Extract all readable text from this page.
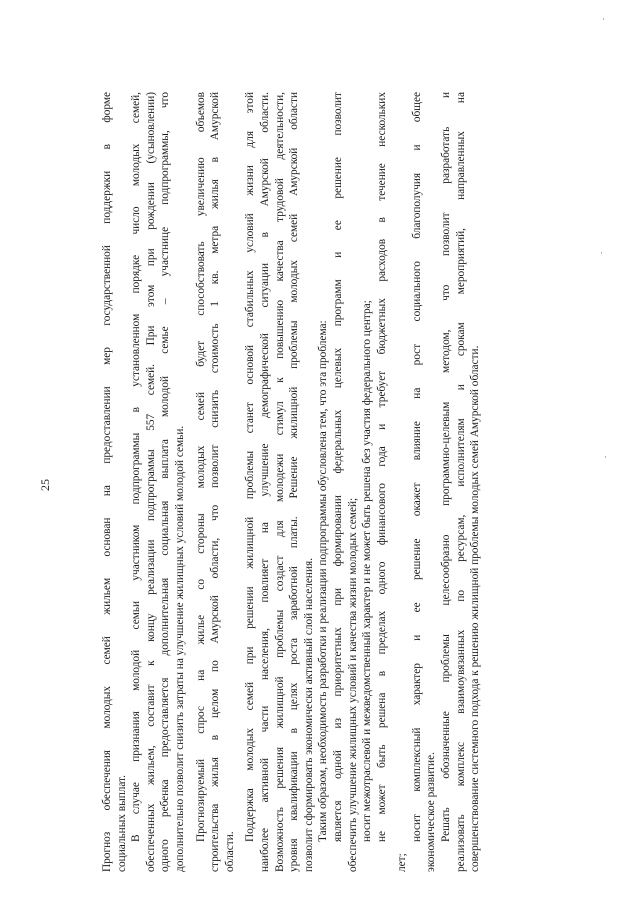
25	Прогноз обеспечения молодых семей жильем основан на предоставлении мер государственной поддержки в форме социальных выплат. В случае признания молодой семьи участником подпрограммы в установленном порядке число молодых семей, обеспеченных жильем, составит к концу реализации подпрограммы 557 семей. При этом при рождении (усыновлении) одного ребенка предоставляется дополнительная социальная выплата молодой семье – участнице подпрограммы, что дополнительно позволит снизить затраты на улучшение жилищных условий молодой семьи. Прогнозируемый спрос на жилье со стороны молодых семей будет способствовать увеличению объемов строительства жилья в целом по Амурской области, что позволит снизить стоимость 1 кв. метра жилья в Амурской области.
Поддержка молодых семей при решении жилищной проблемы станет основой стабильных условий жизни для этой наиболее активной части населения, повлияет на улучшение демографической ситуации в Амурской области. Возможность решения жилищной проблемы создаст для молодежи стимул к повышению качества трудовой деятельности, уровня квалификации в целях роста заработной платы. Решение жилищной проблемы молодых семей Амурской области позволит сформировать экономически активный слой населения. Таким образом, необходимость разработки и реализации подпрограммы обусловлена тем, что эта проблема: является одной из приоритетных при формировании федеральных целевых программ и ее решение позволит обеспечить улучшение жилищных условий и качества жизни молодых семей; носит межотраслевой и межведомственный характер и не может быть решена без участия федерального центра; не может быть решена в пределах одного финансового года и требует бюджетных расходов в течение нескольких
лет;
носит комплексный характер и ее решение окажет влияние на рост социального благополучия и общее экономическое развитие. Решать обозначенные проблемы целесообразно программно-целевым методом, что позволит разработать и реализовать комплекс взаимоувязанных по ресурсам, исполнителям и срокам мероприятий, направленных на совершенствование системного подхода к решению жилищной проблемы молодых семей Амурской области.
·
·
·
